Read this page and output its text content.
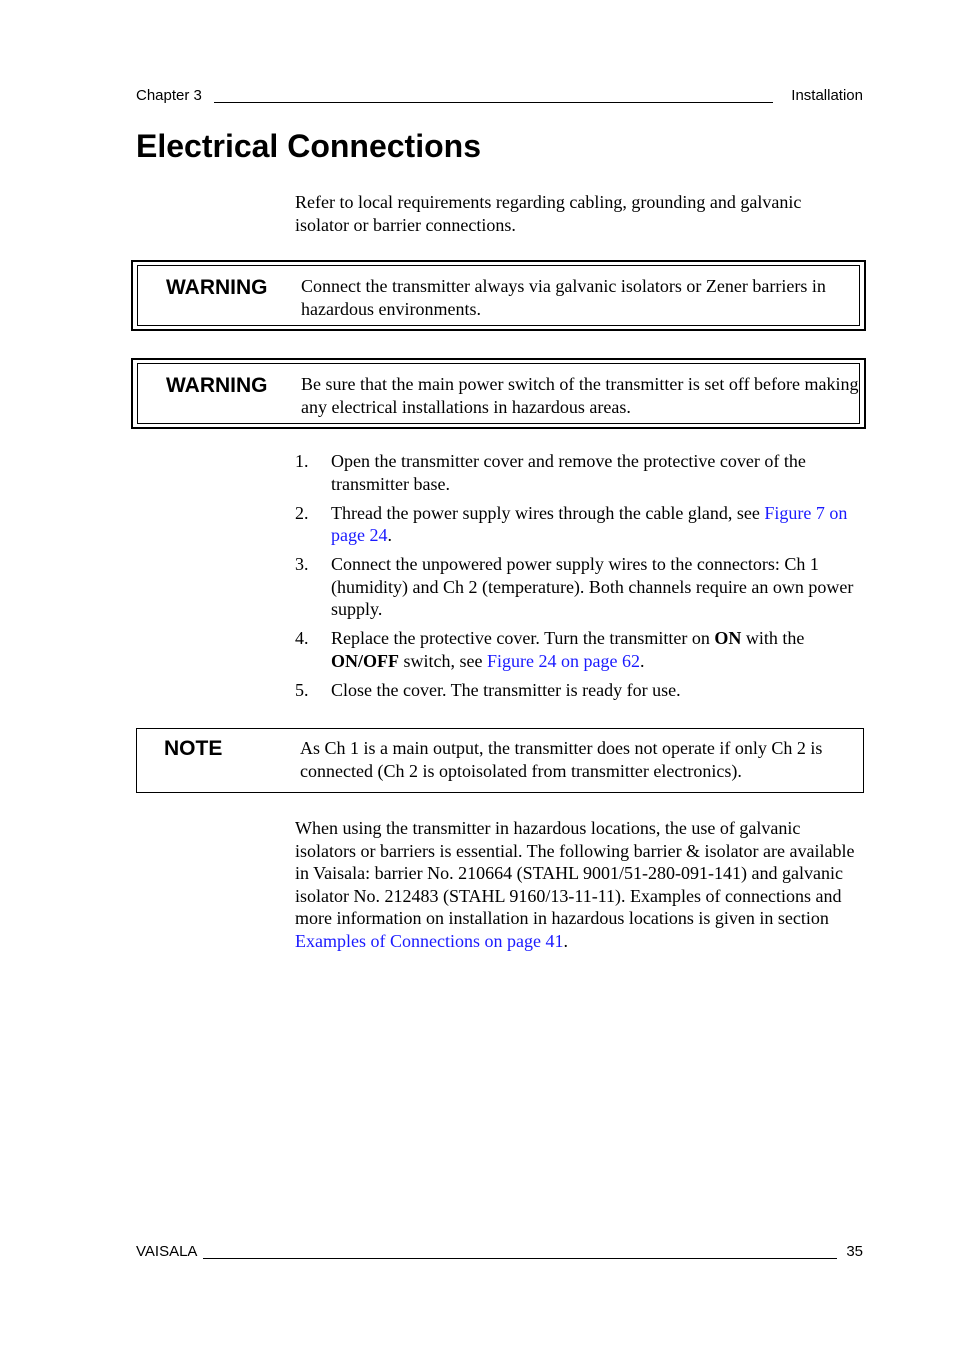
Chapter 3	Installation
Electrical Connections

Refer to local requirements regarding cabling, grounding and galvanic isolator or barrier connections.

WARNING Connect the transmitter always via galvanic isolators or Zener barriers in hazardous environments.
WARNING Be sure that the main power switch of the transmitter is set off before making any electrical installations in hazardous areas.
1. Open the transmitter cover and remove the protective cover of the transmitter base.
2. Thread the power supply wires through the cable gland, see Figure 7 on page 24.
3. Connect the unpowered power supply wires to the connectors: Ch 1 (humidity) and Ch 2 (temperature). Both channels require an own power supply.
4. Replace the protective cover. Turn the transmitter on ON with the ON/OFF switch, see Figure 24 on page 62.
5. Close the cover. The transmitter is ready for use.
NOTE	As Ch 1 is a main output, the transmitter does not operate if only Ch 2 is connected (Ch 2 is optoisolated from transmitter electronics).

When using the transmitter in hazardous locations, the use of galvanic isolators or barriers is essential. The following barrier & isolator are available in Vaisala: barrier No. 210664 (STAHL 9001/51-280-091-141) and galvanic isolator No. 212483 (STAHL 9160/13-11-11). Examples of connections and more information on installation in hazardous locations is given in section Examples of Connections on page 41.

VAISALA	35
